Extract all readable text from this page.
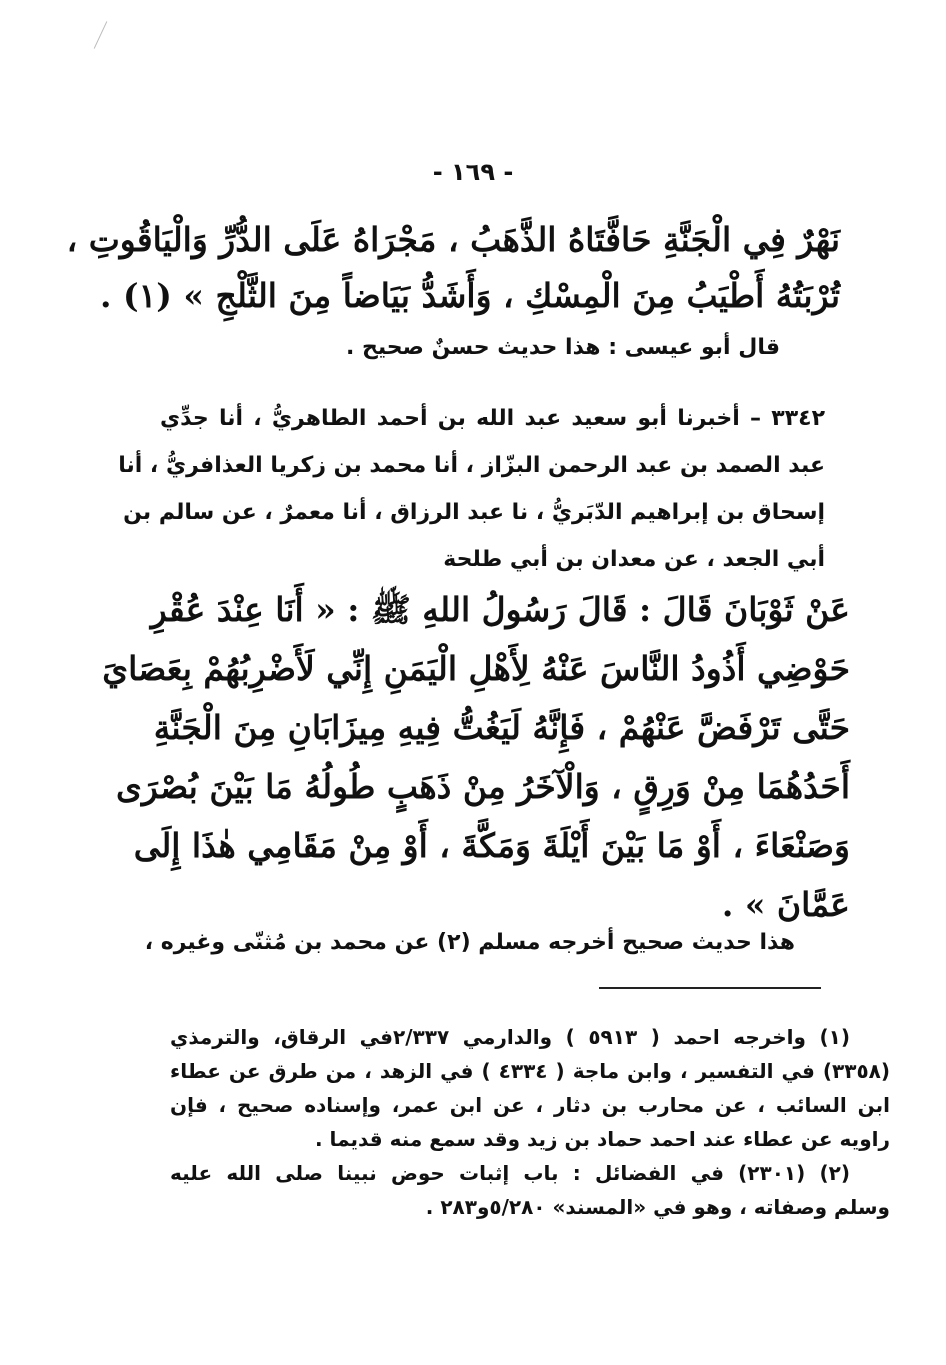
- ١٦٩ -
نَهْرٌ فِي الْجَنَّةِ حَافَّتَاهُ الذَّهَبُ ، مَجْرَاهُ عَلَى الدُّرِّ وَالْيَاقُوتِ ،
تُرْبَتُهُ أَطْيَبُ مِنَ الْمِسْكِ ، وَأَشَدُّ بَيَاضاً مِنَ الثَّلْجِ » (١) .
قال أبو عيسى : هذا حديث حسنٌ صحيح .
٣٣٤٢ – أخبرنا أبو سعيد عبد الله بن أحمد الطاهريُّ ، أنا جدِّي
عبد الصمد بن عبد الرحمن البزّاز ، أنا محمد بن زكريا العذافريُّ ، أنا
إسحاق بن إبراهيم الدّبَريُّ ، نا عبد الرزاق ، أنا معمرٌ ، عن سالم بن
أبي الجعد ، عن معدان بن أبي طلحة
عَنْ ثَوْبَانَ قَالَ : قَالَ رَسُولُ اللهِ ﷺ : « أَنَا عِنْدَ عُقْرِ
حَوْضِي أَذُودُ النَّاسَ عَنْهُ لِأَهْلِ الْيَمَنِ إِنِّي لَأَضْرِبُهُمْ بِعَصَايَ
حَتَّى تَرْفَضَّ عَنْهُمْ ، فَإِنَّهُ لَيَغُتُّ فِيهِ مِيزَابَانِ مِنَ الْجَنَّةِ
أَحَدُهُمَا مِنْ وَرِقٍ ، وَالْآخَرُ مِنْ ذَهَبٍ طُولُهُ مَا بَيْنَ بُصْرَى
وَصَنْعَاءَ ، أَوْ مَا بَيْنَ أَيْلَةَ وَمَكَّةَ ، أَوْ مِنْ مَقَامِي هٰذَا إِلَى
عَمَّانَ » .
هذا حديث صحيح أخرجه مسلم (٢) عن محمد بن مُثنّى وغيره ،
(١) واخرجه احمد ( ٥٩١٣ ) والدارمي ٢/٣٣٧في الرقاق، والترمذي
(٣٣٥٨) في التفسير ، وابن ماجة ( ٤٣٣٤ ) في الزهد ، من طرق عن عطاء
ابن السائب ، عن محارب بن دثار ، عن ابن عمر، وإسناده صحيح ، فإن
راويه عن عطاء عند احمد حماد بن زيد وقد سمع منه قديما .
(٢) (٢٣٠١) في الفضائل : باب إثبات حوض نبينا صلى الله عليه
وسلم وصفاته ، وهو في «المسند» ٥/٢٨٠و٢٨٣ .
